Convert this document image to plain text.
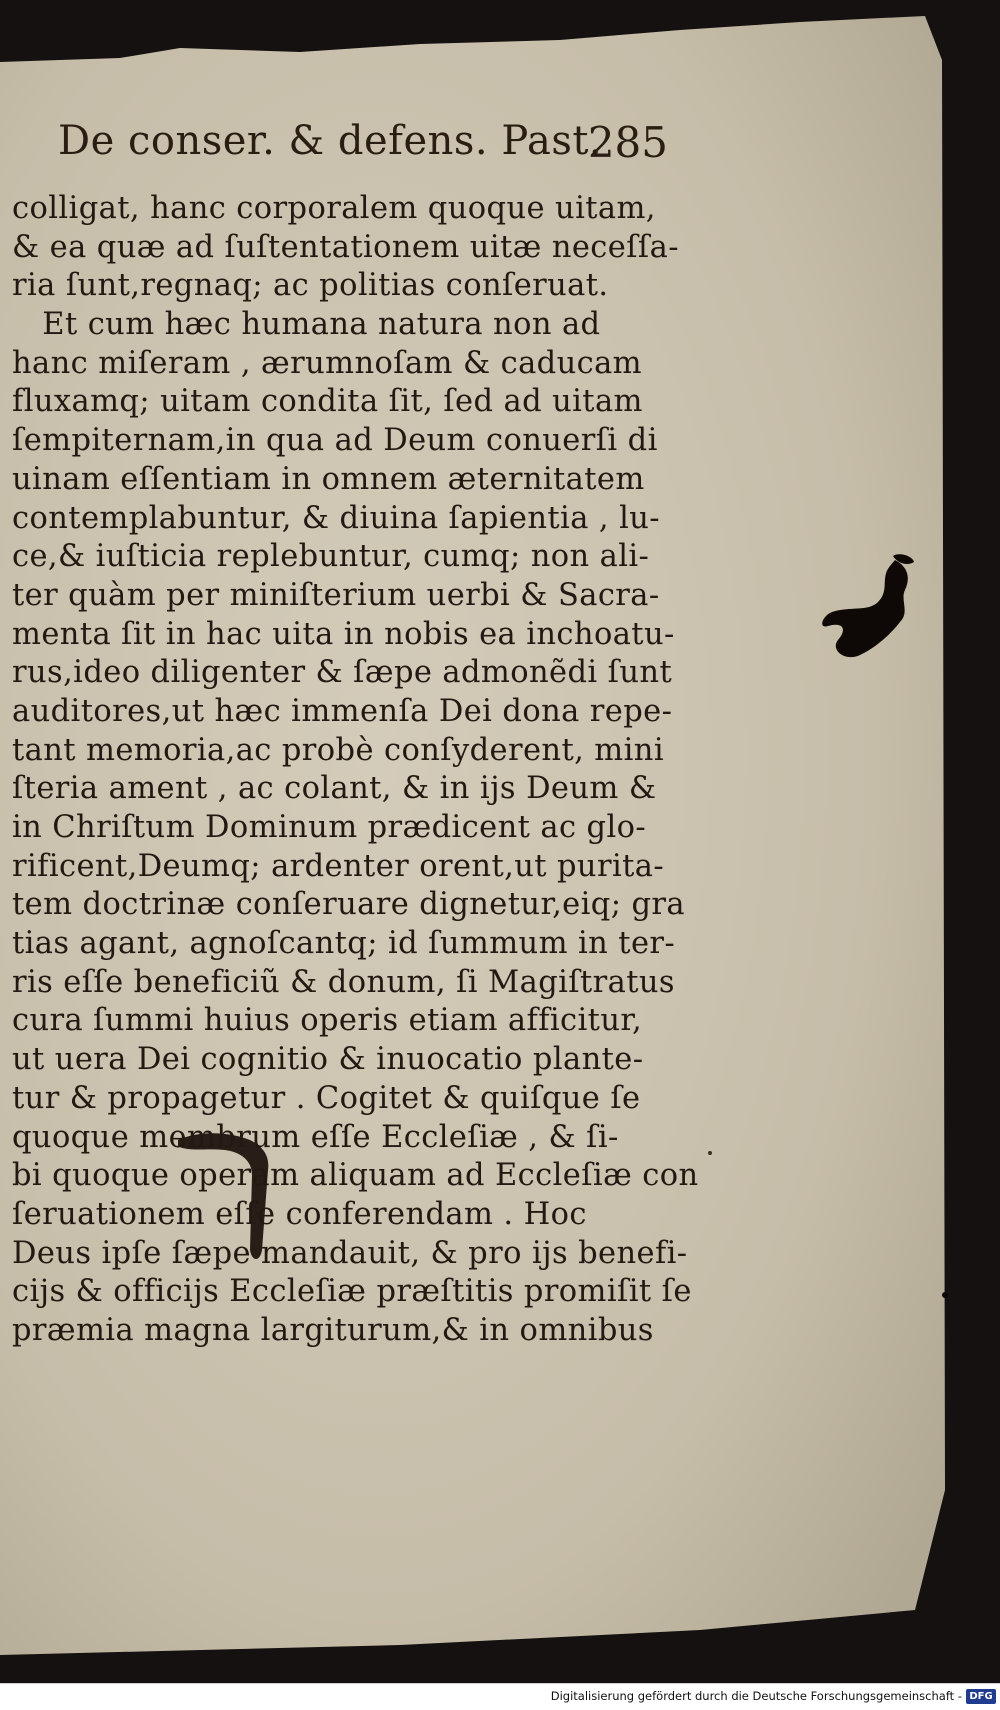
De conser. & defens. Past.
285
colligat, hanc corporalem quoque uitam,
& ea quæ ad ſuſtentationem uitæ neceſſa-
ria ſunt,regnaq; ac politias conſeruat.
Et cum hæc humana natura non ad
hanc miſeram , ærumnoſam & caducam
fluxamq; uitam condita ſit, ſed ad uitam
ſempiternam,in qua ad Deum conuerſi di
uinam eſſentiam in omnem æternitatem
contemplabuntur, & diuina ſapientia , lu-
ce,& iuſticia replebuntur, cumq; non ali-
ter quàm per miniſterium uerbi & Sacra-
menta ſit in hac uita in nobis ea inchoatu-
rus,ideo diligenter & ſæpe admonẽdi ſunt
auditores,ut hæc immenſa Dei dona repe-
tant memoria,ac probè conſyderent, mini
ſteria ament , ac colant, & in ijs Deum &
in Chriſtum Dominum prædicent ac glo-
rificent,Deumq; ardenter orent,ut purita-
tem doctrinæ conſeruare dignetur,eiq; gra
tias agant, agnoſcantq; id ſummum in ter-
ris eſſe beneficiũ & donum, ſi Magiſtratus
cura ſummi huius operis etiam afficitur,
ut uera Dei cognitio & inuocatio plante-
tur & propagetur . Cogitet & quiſque ſe
quoque membrum eſſe Eccleſiæ , & ſi-
bi quoque operam aliquam ad Eccleſiæ con
ſeruationem eſſe conferendam . Hoc
Deus ipſe ſæpe mandauit, & pro ijs benefi-
cijs & officijs Eccleſiæ præſtitis promiſit ſe
præmia magna largiturum,& in omnibus
Digitalisierung gefördert durch die Deutsche Forschungsgemeinschaft - DFG
